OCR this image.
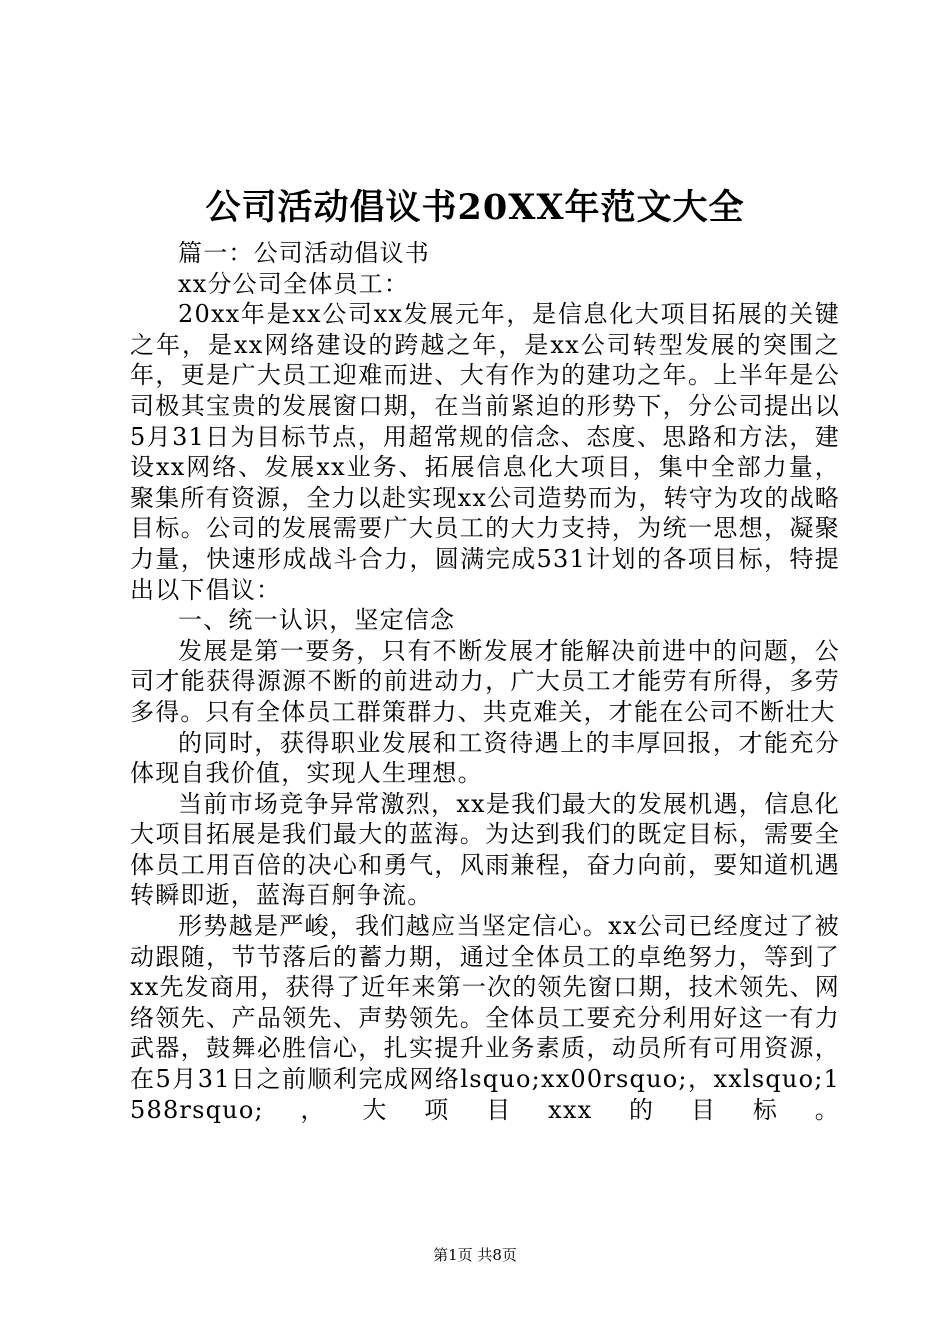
公司活动倡议书20XX年范文大全

篇一：公司活动倡议书

xx分公司全体员工：

20xx年是xx公司xx发展元年，是信息化大项目拓展的关键之年，是xx网络建设的跨越之年，是xx公司转型发展的突围之年，更是广大员工迎难而进、大有作为的建功之年。上半年是公司极其宝贵的发展窗口期，在当前紧迫的形势下，分公司提出以5月31日为目标节点，用超常规的信念、态度、思路和方法，建设xx网络、发展xx业务、拓展信息化大项目，集中全部力量，聚集所有资源，全力以赴实现xx公司造势而为，转守为攻的战略目标。公司的发展需要广大员工的大力支持，为统一思想，凝聚力量，快速形成战斗合力，圆满完成531计划的各项目标，特提出以下倡议：

一、统一认识，坚定信念

发展是第一要务，只有不断发展才能解决前进中的问题，公司才能获得源源不断的前进动力，广大员工才能劳有所得，多劳多得。只有全体员工群策群力、共克难关，才能在公司不断壮大

的同时，获得职业发展和工资待遇上的丰厚回报，才能充分体现自我价值，实现人生理想。

当前市场竞争异常激烈，xx是我们最大的发展机遇，信息化大项目拓展是我们最大的蓝海。为达到我们的既定目标，需要全体员工用百倍的决心和勇气，风雨兼程，奋力向前，要知道机遇转瞬即逝，蓝海百舸争流。

形势越是严峻，我们越应当坚定信心。xx公司已经度过了被动跟随，节节落后的蓄力期，通过全体员工的卓绝努力，等到了xx先发商用，获得了近年来第一次的领先窗口期，技术领先、网络领先、产品领先、声势领先。全体员工要充分利用好这一有力武器，鼓舞必胜信心，扎实提升业务素质，动员所有可用资源，在5月31日之前顺利完成网络lsquo;xx00rsquo;，xxlsquo;1588rsquo;，大项目xxx的目标。

第1页 共8页
